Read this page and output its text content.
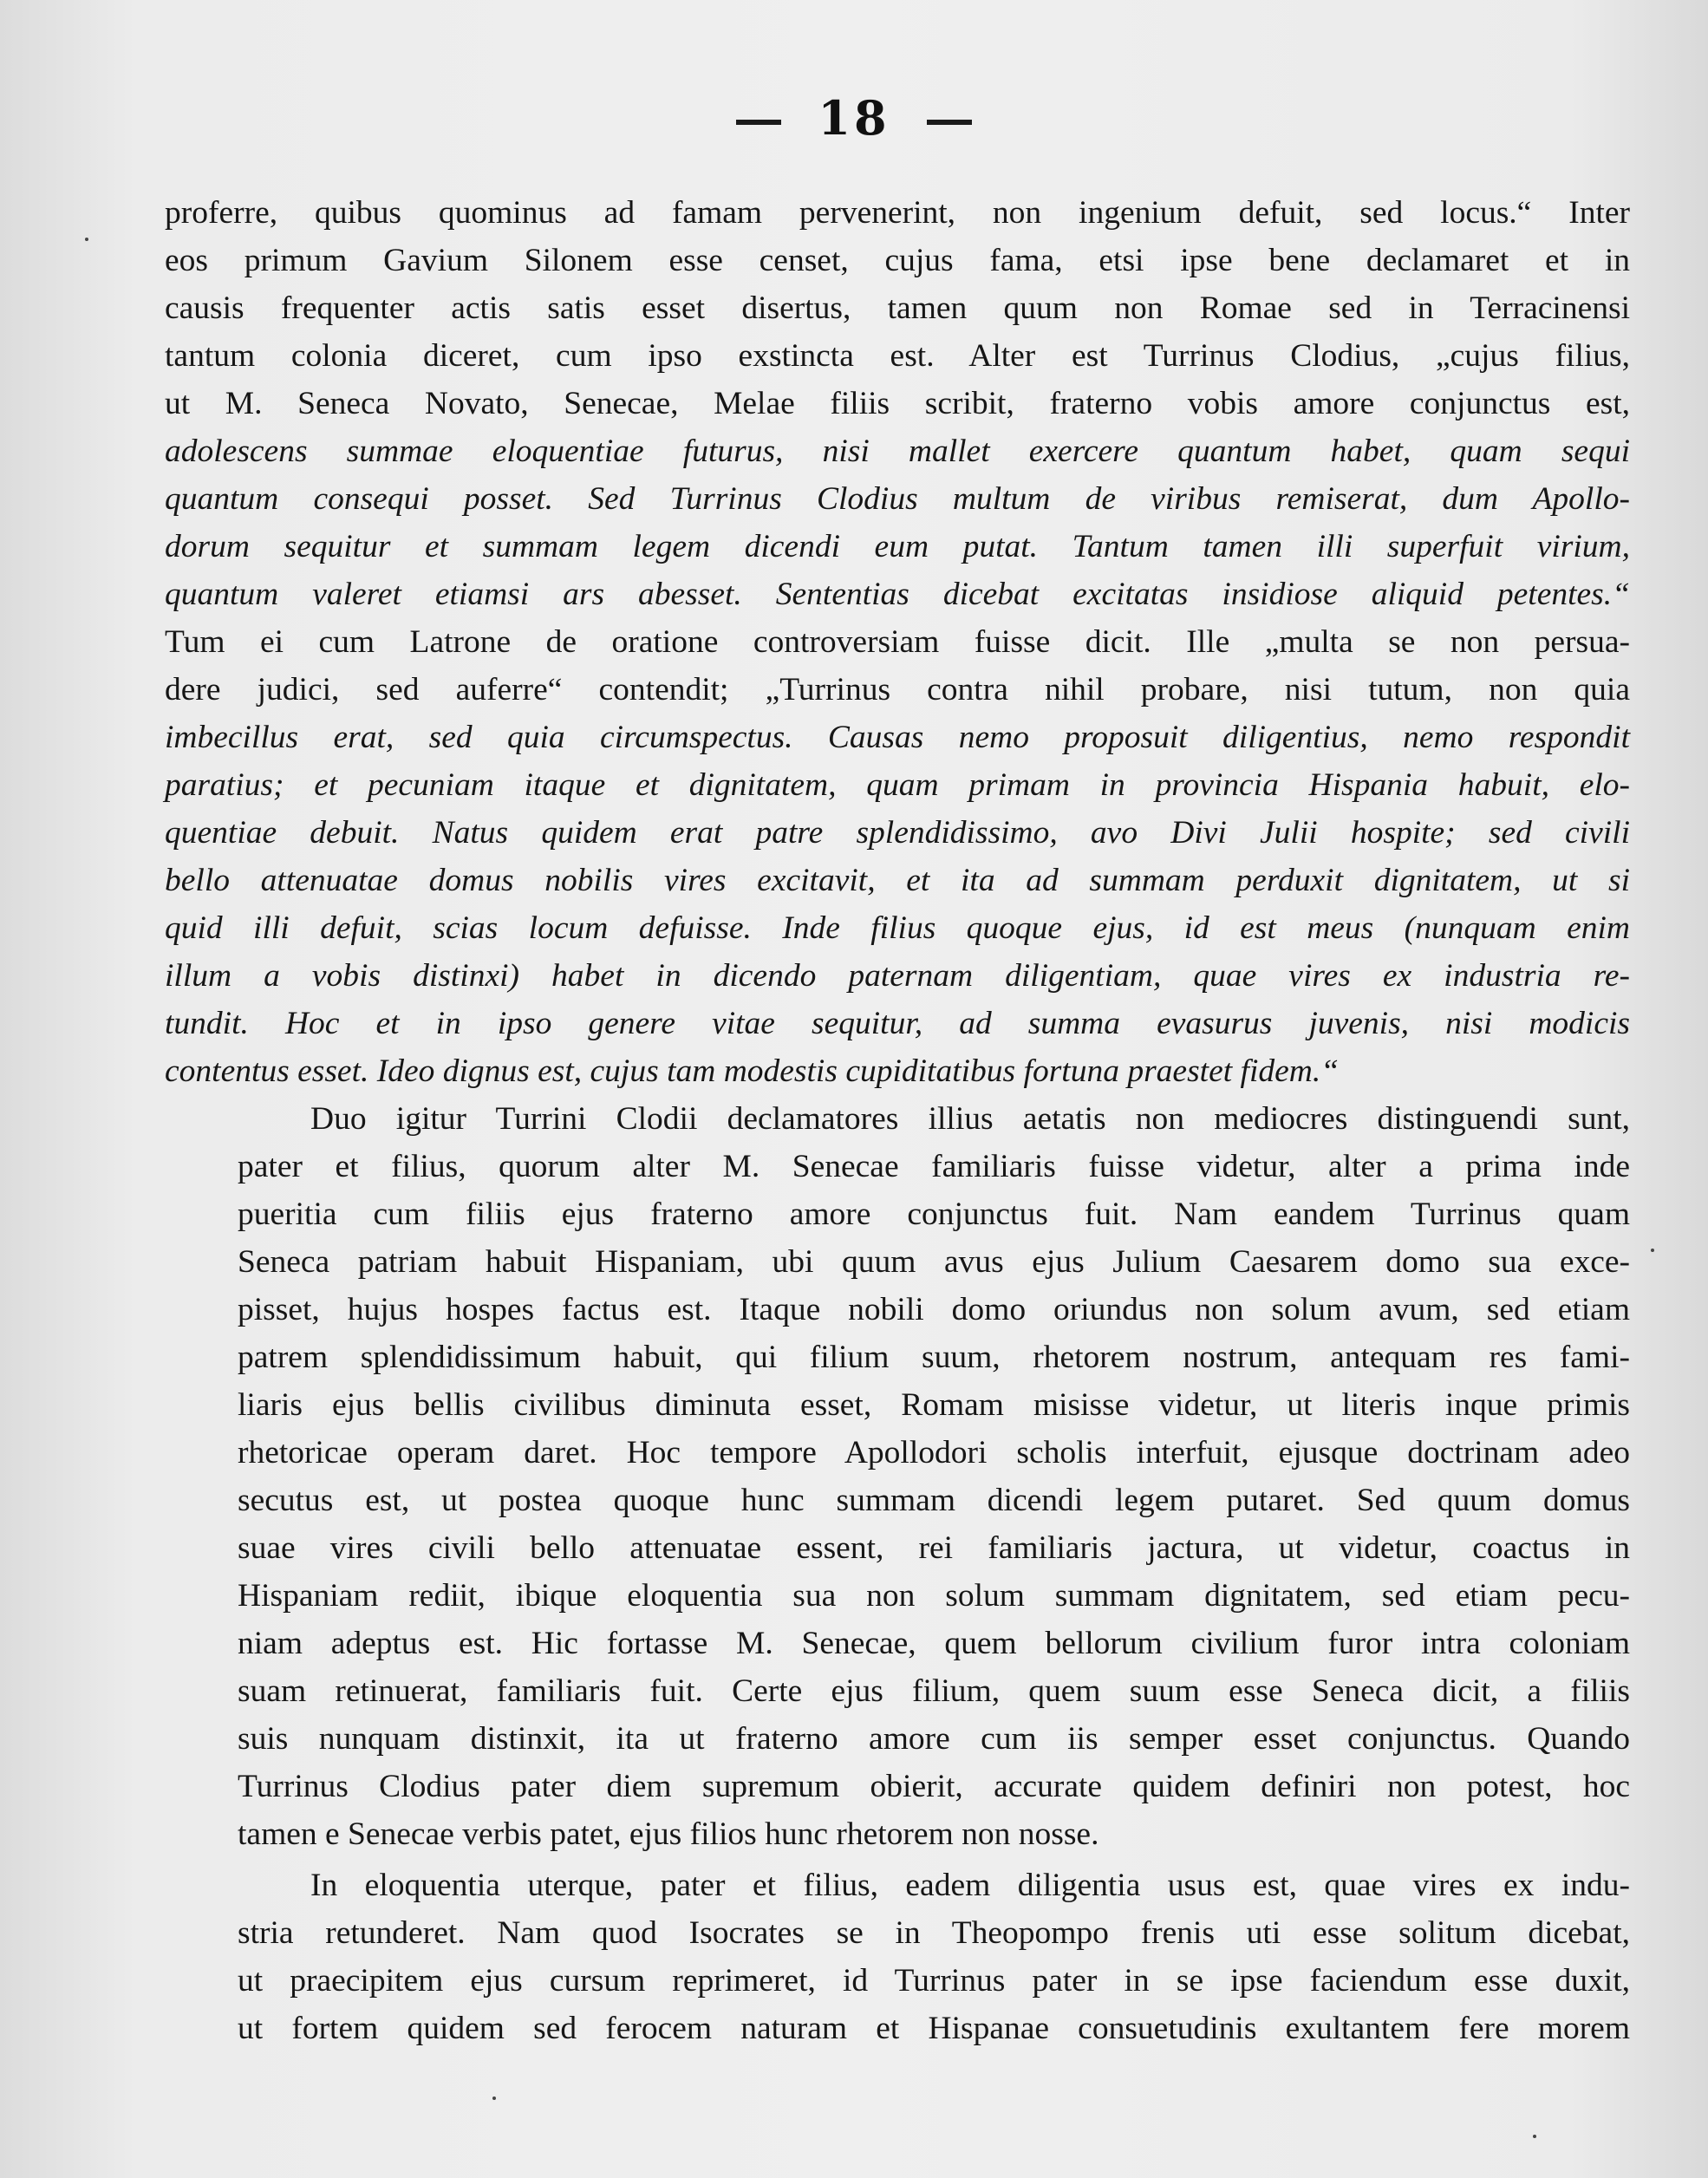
18

proferre, quibus quominus ad famam pervenerint, non ingenium defuit, sed locus.“ Inter
eos primum Gavium Silonem esse censet, cujus fama, etsi ipse bene declamaret et in
causis frequenter actis satis esset disertus, tamen quum non Romae sed in Terracinensi
tantum colonia diceret, cum ipso exstincta est. Alter est Turrinus Clodius, „cujus filius,
ut M. Seneca Novato, Senecae, Melae filiis scribit, fraterno vobis amore conjunctus est,
adolescens summae eloquentiae futurus, nisi mallet exercere quantum habet, quam sequi
quantum consequi posset. Sed Turrinus Clodius multum de viribus remiserat, dum Apollo-
dorum sequitur et summam legem dicendi eum putat. Tantum tamen illi superfuit virium,
quantum valeret etiamsi ars abesset. Sententias dicebat excitatas insidiose aliquid petentes.“
Tum ei cum Latrone de oratione controversiam fuisse dicit. Ille „multa se non persua-
dere judici, sed auferre“ contendit; „Turrinus contra nihil probare, nisi tutum, non quia
imbecillus erat, sed quia circumspectus. Causas nemo proposuit diligentius, nemo respondit
paratius; et pecuniam itaque et dignitatem, quam primam in provincia Hispania habuit, elo-
quentiae debuit. Natus quidem erat patre splendidissimo, avo Divi Julii hospite; sed civili
bello attenuatae domus nobilis vires excitavit, et ita ad summam perduxit dignitatem, ut si
quid illi defuit, scias locum defuisse. Inde filius quoque ejus, id est meus (nunquam enim
illum a vobis distinxi) habet in dicendo paternam diligentiam, quae vires ex industria re-
tundit. Hoc et in ipso genere vitae sequitur, ad summa evasurus juvenis, nisi modicis
contentus esset. Ideo dignus est, cujus tam modestis cupiditatibus fortuna praestet fidem.“

Duo igitur Turrini Clodii declamatores illius aetatis non mediocres distinguendi sunt,
pater et filius, quorum alter M. Senecae familiaris fuisse videtur, alter a prima inde
pueritia cum filiis ejus fraterno amore conjunctus fuit. Nam eandem Turrinus quam
Seneca patriam habuit Hispaniam, ubi quum avus ejus Julium Caesarem domo sua exce-
pisset, hujus hospes factus est. Itaque nobili domo oriundus non solum avum, sed etiam
patrem splendidissimum habuit, qui filium suum, rhetorem nostrum, antequam res fami-
liaris ejus bellis civilibus diminuta esset, Romam misisse videtur, ut literis inque primis
rhetoricae operam daret. Hoc tempore Apollodori scholis interfuit, ejusque doctrinam adeo
secutus est, ut postea quoque hunc summam dicendi legem putaret. Sed quum domus
suae vires civili bello attenuatae essent, rei familiaris jactura, ut videtur, coactus in
Hispaniam rediit, ibique eloquentia sua non solum summam dignitatem, sed etiam pecu-
niam adeptus est. Hic fortasse M. Senecae, quem bellorum civilium furor intra coloniam
suam retinuerat, familiaris fuit. Certe ejus filium, quem suum esse Seneca dicit, a filiis
suis nunquam distinxit, ita ut fraterno amore cum iis semper esset conjunctus. Quando
Turrinus Clodius pater diem supremum obierit, accurate quidem definiri non potest, hoc
tamen e Senecae verbis patet, ejus filios hunc rhetorem non nosse.

In eloquentia uterque, pater et filius, eadem diligentia usus est, quae vires ex indu-
stria retunderet. Nam quod Isocrates se in Theopompo frenis uti esse solitum dicebat,
ut praecipitem ejus cursum reprimeret, id Turrinus pater in se ipse faciendum esse duxit,
ut fortem quidem sed ferocem naturam et Hispanae consuetudinis exultantem fere morem
